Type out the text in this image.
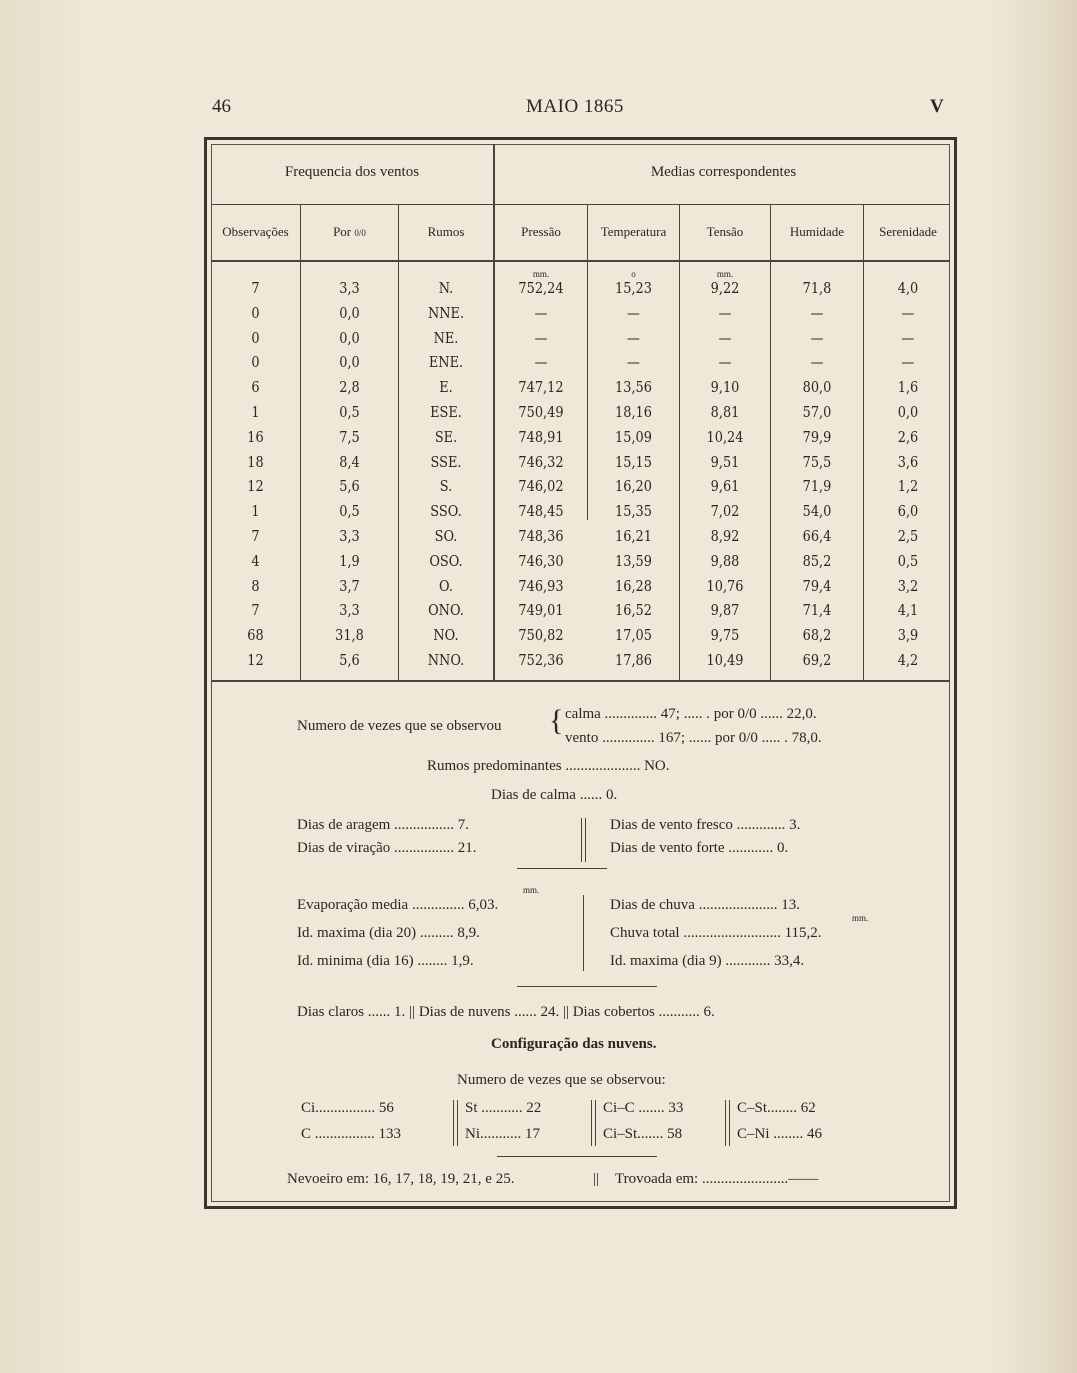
46	MAIO 1865	V
Frequencia dos ventos	Medias correspondentes
Observações	Por 0/0	Rumos	Pressão	Temperatura	Tensão	Humidade	Serenidade
mm.	o	mm.
7	3,3	N.	752,24	15,23	9,22	71,8	4,0
0	0,0	NNE.	—	—	—	—	—
0	0,0	NE.	—	—	—	—	—
0	0,0	ENE.	—	—	—	—	—
6	2,8	E.	747,12	13,56	9,10	80,0	1,6
1	0,5	ESE.	750,49	18,16	8,81	57,0	0,0
16	7,5	SE.	748,91	15,09	10,24	79,9	2,6
18	8,4	SSE.	746,32	15,15	9,51	75,5	3,6
12	5,6	S.	746,02	16,20	9,61	71,9	1,2
1	0,5	SSO.	748,45	15,35	7,02	54,0	6,0
7	3,3	SO.	748,36	16,21	8,92	66,4	2,5
4	1,9	OSO.	746,30	13,59	9,88	85,2	0,5
8	3,7	O.	746,93	16,28	10,76	79,4	3,2
7	3,3	ONO.	749,01	16,52	9,87	71,4	4,1
68	31,8	NO.	750,82	17,05	9,75	68,2	3,9
12	5,6	NNO.	752,36	17,86	10,49	69,2	4,2
Numero de vezes que se observou { calma .............. 47; ..... . por 0/0 ...... 22,0.
vento .............. 167; ...... por 0/0 ..... . 78,0.
Rumos predominantes .................... NO.
Dias de calma ...... 0.
Dias de aragem ................ 7.
Dias de viração ................ 21.
Dias de vento fresco ............. 3.
Dias de vento forte ............ 0.
mm.
Evaporação media .............. 6,03.
Id. maxima (dia 20) ......... 8,9.
Id. minima (dia 16) ........ 1,9.
Dias de chuva ..................... 13.
mm.
Chuva total .......................... 115,2.
Id. maxima (dia 9) ............ 33,4.
Dias claros ...... 1. || Dias de nuvens ...... 24. || Dias cobertos ........... 6.
Configuração das nuvens.
Numero de vezes que se observou:
Ci................ 56	St ........... 22	Ci–C ....... 33	C–St........ 62
C ................ 133	Ni........... 17	Ci–St....... 58	C–Ni ........ 46
Nevoeiro em: 16, 17, 18, 19, 21, e 25.	|| Trovoada em: .......................——
